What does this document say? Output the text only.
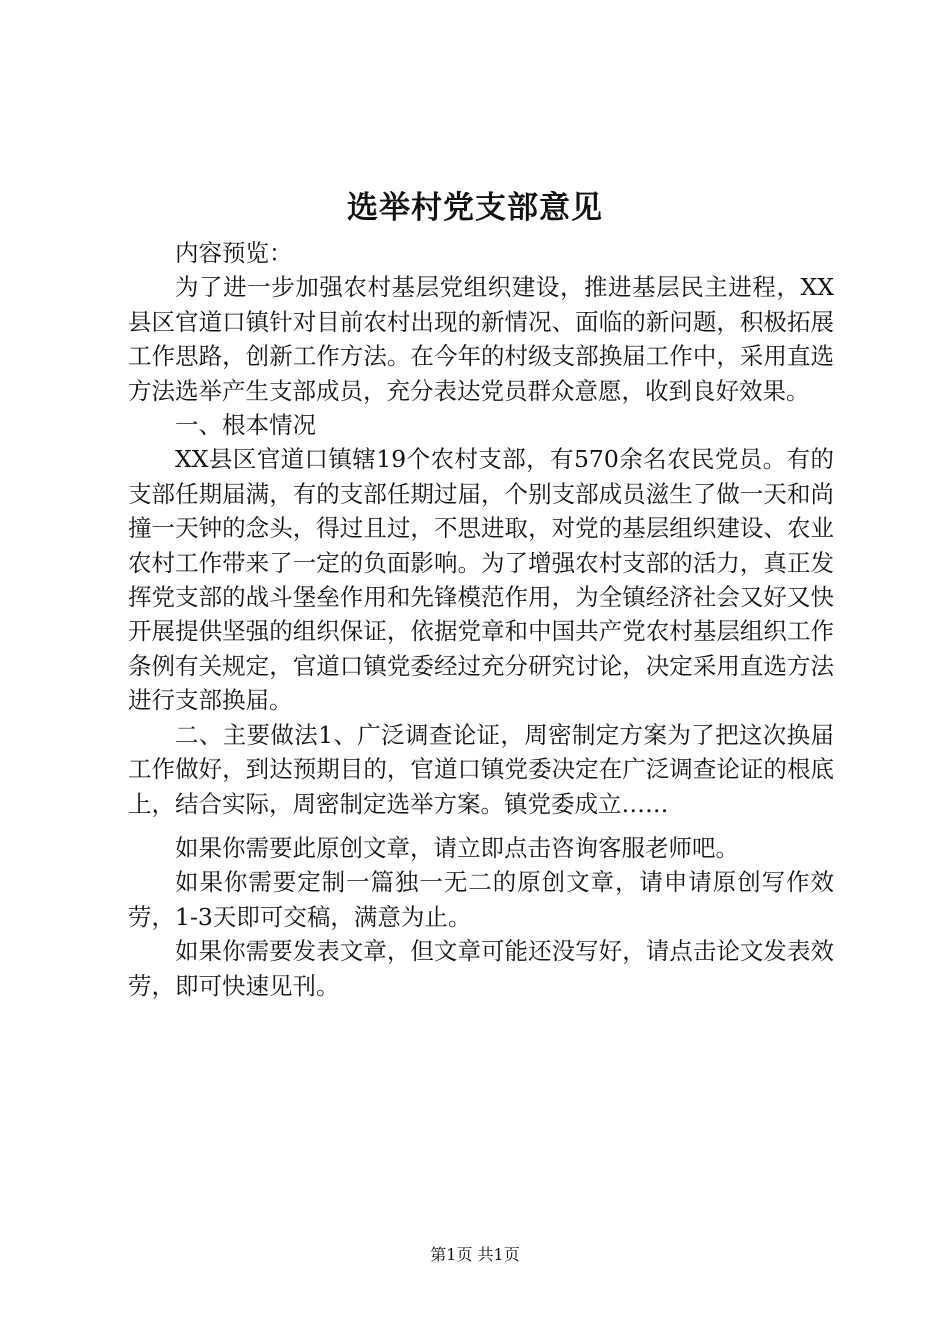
选举村党支部意见

内容预览：

为了进一步加强农村基层党组织建设，推进基层民主进程，XX县区官道口镇针对目前农村出现的新情况、面临的新问题，积极拓展工作思路，创新工作方法。在今年的村级支部换届工作中，采用直选方法选举产生支部成员，充分表达党员群众意愿，收到良好效果。

一、根本情况

XX县区官道口镇辖19个农村支部，有570余名农民党员。有的支部任期届满，有的支部任期过届，个别支部成员滋生了做一天和尚撞一天钟的念头，得过且过，不思进取，对党的基层组织建设、农业农村工作带来了一定的负面影响。为了增强农村支部的活力，真正发挥党支部的战斗堡垒作用和先锋模范作用，为全镇经济社会又好又快开展提供坚强的组织保证，依据党章和中国共产党农村基层组织工作条例有关规定，官道口镇党委经过充分研究讨论，决定采用直选方法进行支部换届。

二、主要做法1、广泛调查论证，周密制定方案为了把这次换届工作做好，到达预期目的，官道口镇党委决定在广泛调查论证的根底上，结合实际，周密制定选举方案。镇党委成立……

如果你需要此原创文章，请立即点击咨询客服老师吧。

如果你需要定制一篇独一无二的原创文章，请申请原创写作效劳，1-3天即可交稿，满意为止。

如果你需要发表文章，但文章可能还没写好，请点击论文发表效劳，即可快速见刊。

第1页 共1页
